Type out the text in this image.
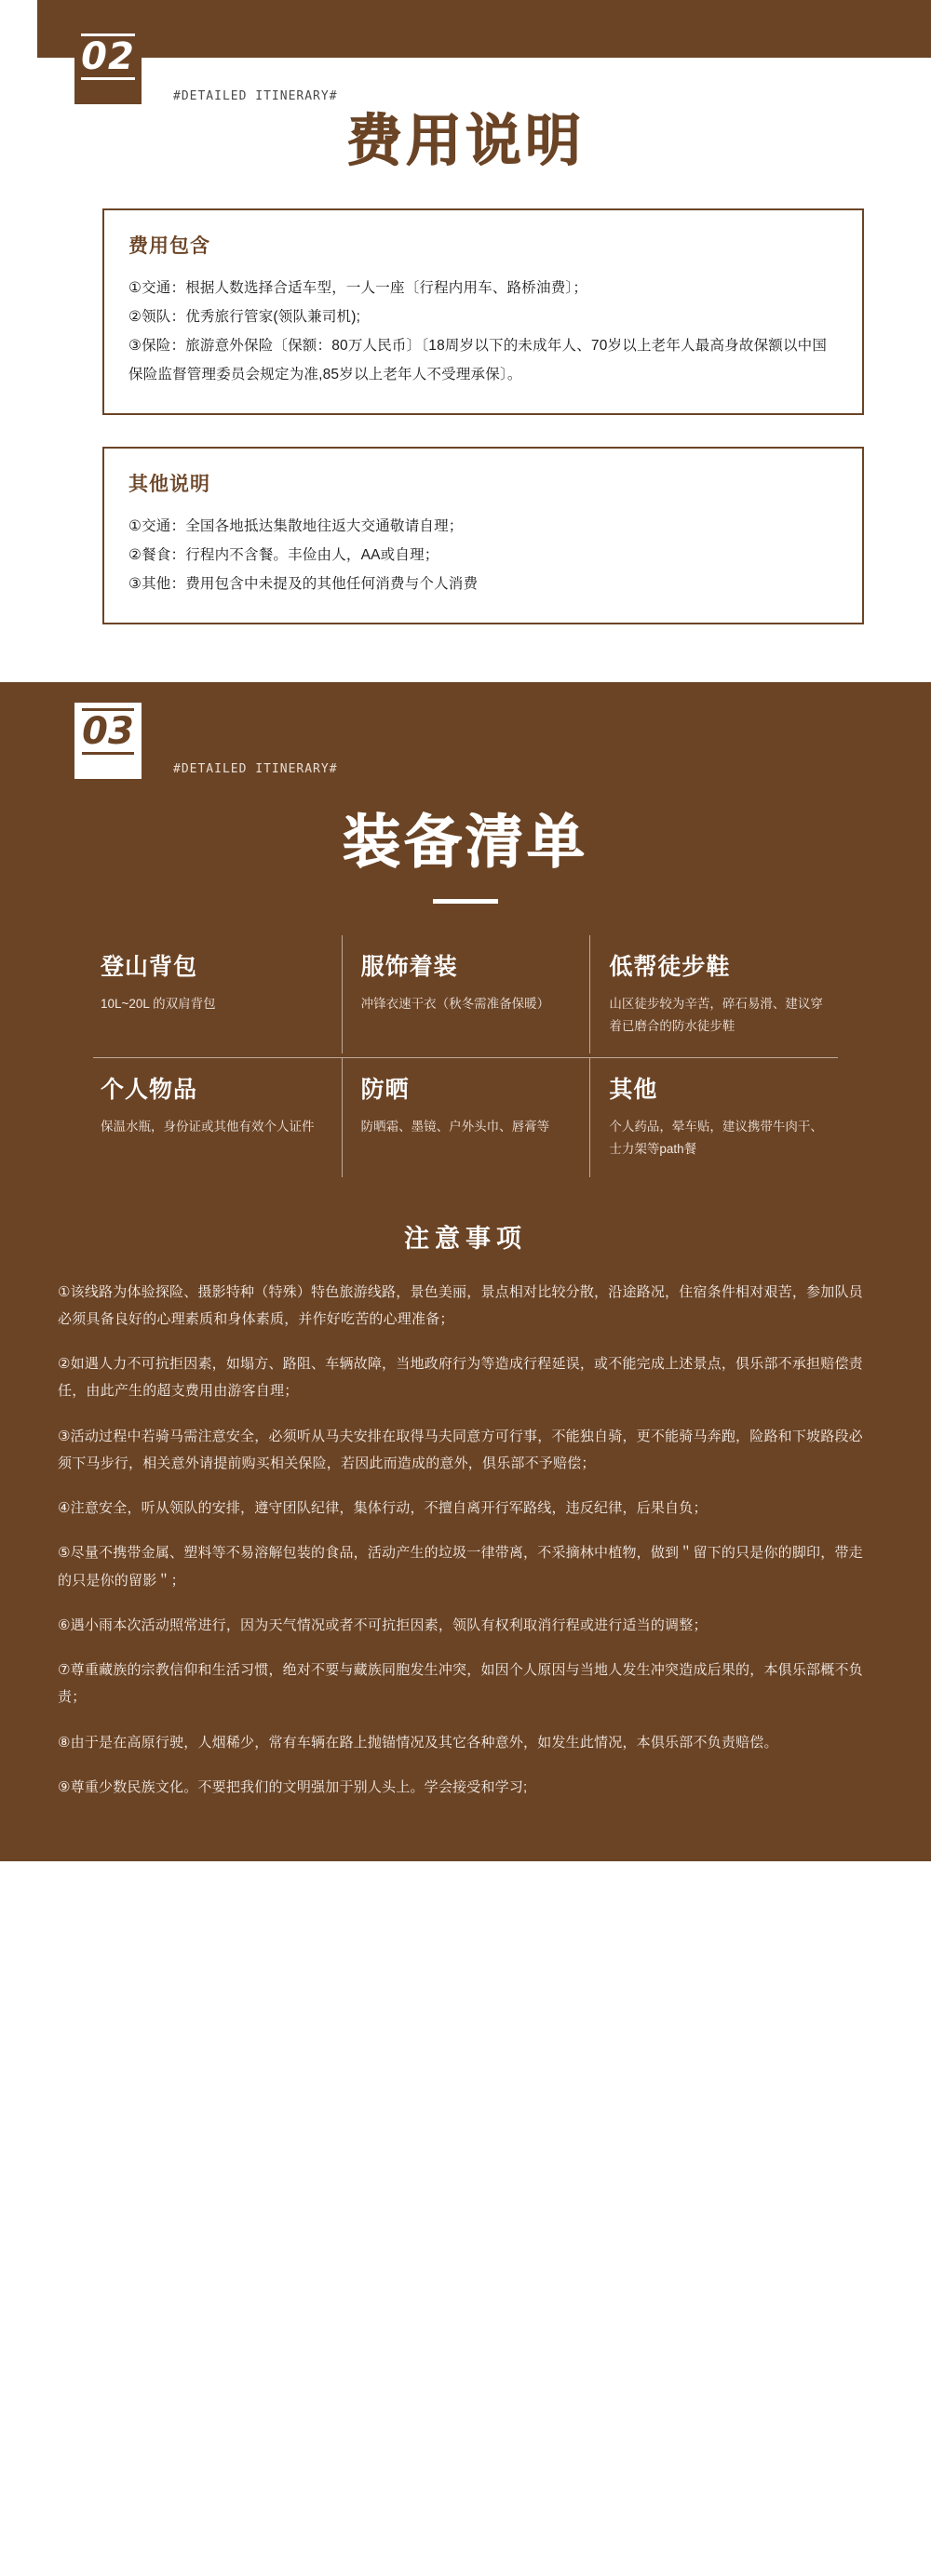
02
#DETAILED ITINERARY#
费用说明
费用包含

①交通：根据人数选择合适车型，一人一座〔行程内用车、路桥油费〕；

②领队：优秀旅行管家(领队兼司机);

③保险：旅游意外保险〔保额：80万人民币〕〔18周岁以下的未成年人、70岁以上老年人最高身故保额以中国保险监督管理委员会规定为准,85岁以上老年人不受理承保〕。

其他说明

①交通：全国各地抵达集散地往返大交通敬请自理；

②餐食：行程内不含餐。丰俭由人，AA或自理；

③其他：费用包含中未提及的其他任何消费与个人消费

03
#DETAILED ITINERARY#
装备清单
登山背包
10L~20L 的双肩背包
服饰着装
冲锋衣速干衣（秋冬需准备保暖）
低帮徒步鞋
山区徒步较为辛苦，碎石易滑、建议穿着已磨合的防水徒步鞋
个人物品
保温水瓶，身份证或其他有效个人证件
防晒
防晒霜、墨镜、户外头巾、唇膏等
其他
个人药品，晕车贴，建议携带牛肉干、士力架等path餐
注意事项

①该线路为体验探险、摄影特种（特殊）特色旅游线路，景色美丽，景点相对比较分散，沿途路况，住宿条件相对艰苦，参加队员必须具备良好的心理素质和身体素质，并作好吃苦的心理准备；

②如遇人力不可抗拒因素，如塌方、路阻、车辆故障，当地政府行为等造成行程延误，或不能完成上述景点，俱乐部不承担赔偿责任，由此产生的超支费用由游客自理；

③活动过程中若骑马需注意安全，必须听从马夫安排在取得马夫同意方可行事，不能独自骑，更不能骑马奔跑，险路和下坡路段必须下马步行，相关意外请提前购买相关保险，若因此而造成的意外，俱乐部不予赔偿；

④注意安全，听从领队的安排，遵守团队纪律，集体行动，不擅自离开行军路线，违反纪律，后果自负；

⑤尽量不携带金属、塑料等不易溶解包装的食品，活动产生的垃圾一律带离，不采摘林中植物，做到＂留下的只是你的脚印，带走的只是你的留影＂；

⑥遇小雨本次活动照常进行，因为天气情况或者不可抗拒因素，领队有权利取消行程或进行适当的调整；

⑦尊重藏族的宗教信仰和生活习惯，绝对不要与藏族同胞发生冲突，如因个人原因与当地人发生冲突造成后果的，本俱乐部概不负责；

⑧由于是在高原行驶，人烟稀少，常有车辆在路上抛锚情况及其它各种意外，如发生此情况，本俱乐部不负责赔偿。

⑨尊重少数民族文化。不要把我们的文明强加于别人头上。学会接受和学习;
